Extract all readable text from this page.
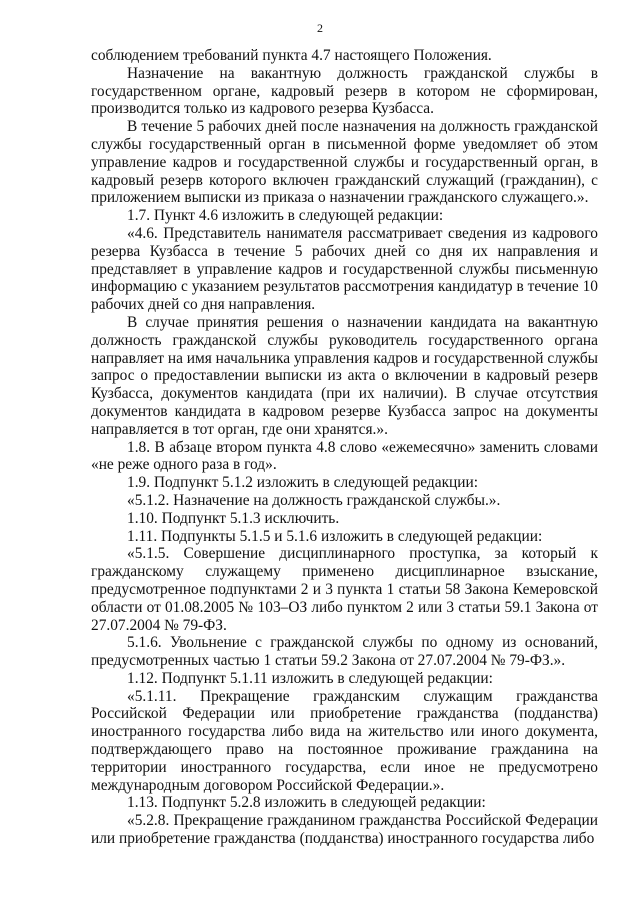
2

соблюдением требований пункта 4.7 настоящего Положения.

Назначение на вакантную должность гражданской службы в государственном органе, кадровый резерв в котором не сформирован, производится только из кадрового резерва Кузбасса.

В течение 5 рабочих дней после назначения на должность гражданской службы государственный орган в письменной форме уведомляет об этом управление кадров и государственной службы и государственный орган, в кадровый резерв которого включен гражданский служащий (гражданин), с приложением выписки из приказа о назначении гражданского служащего.».

1.7. Пункт 4.6 изложить в следующей редакции:

«4.6. Представитель нанимателя рассматривает сведения из кадрового резерва Кузбасса в течение 5 рабочих дней со дня их направления и представляет в управление кадров и государственной службы письменную информацию с указанием результатов рассмотрения кандидатур в течение 10 рабочих дней со дня направления.

В случае принятия решения о назначении кандидата на вакантную должность гражданской службы руководитель государственного органа направляет на имя начальника управления кадров и государственной службы запрос о предоставлении выписки из акта о включении в кадровый резерв Кузбасса, документов кандидата (при их наличии). В случае отсутствия документов кандидата в кадровом резерве Кузбасса запрос на документы направляется в тот орган, где они хранятся.».

1.8. В абзаце втором пункта 4.8 слово «ежемесячно» заменить словами «не реже одного раза в год».

1.9. Подпункт 5.1.2 изложить в следующей редакции:

«5.1.2. Назначение на должность гражданской службы.».

1.10. Подпункт 5.1.3 исключить.

1.11. Подпункты 5.1.5 и 5.1.6 изложить в следующей редакции:

«5.1.5. Совершение дисциплинарного проступка, за который к гражданскому служащему применено дисциплинарное взыскание, предусмотренное подпунктами 2 и 3 пункта 1 статьи 58 Закона Кемеровской области от 01.08.2005 № 103–ОЗ либо пунктом 2 или 3 статьи 59.1 Закона от 27.07.2004 № 79-ФЗ.

5.1.6. Увольнение с гражданской службы по одному из оснований, предусмотренных частью 1 статьи 59.2 Закона от 27.07.2004 № 79-ФЗ.».

1.12. Подпункт 5.1.11 изложить в следующей редакции:

«5.1.11. Прекращение гражданским служащим гражданства Российской Федерации или приобретение гражданства (подданства) иностранного государства либо вида на жительство или иного документа, подтверждающего право на постоянное проживание гражданина на территории иностранного государства, если иное не предусмотрено международным договором Российской Федерации.».

1.13. Подпункт 5.2.8 изложить в следующей редакции:

«5.2.8. Прекращение гражданином гражданства Российской Федерации или приобретение гражданства (подданства) иностранного государства либо
